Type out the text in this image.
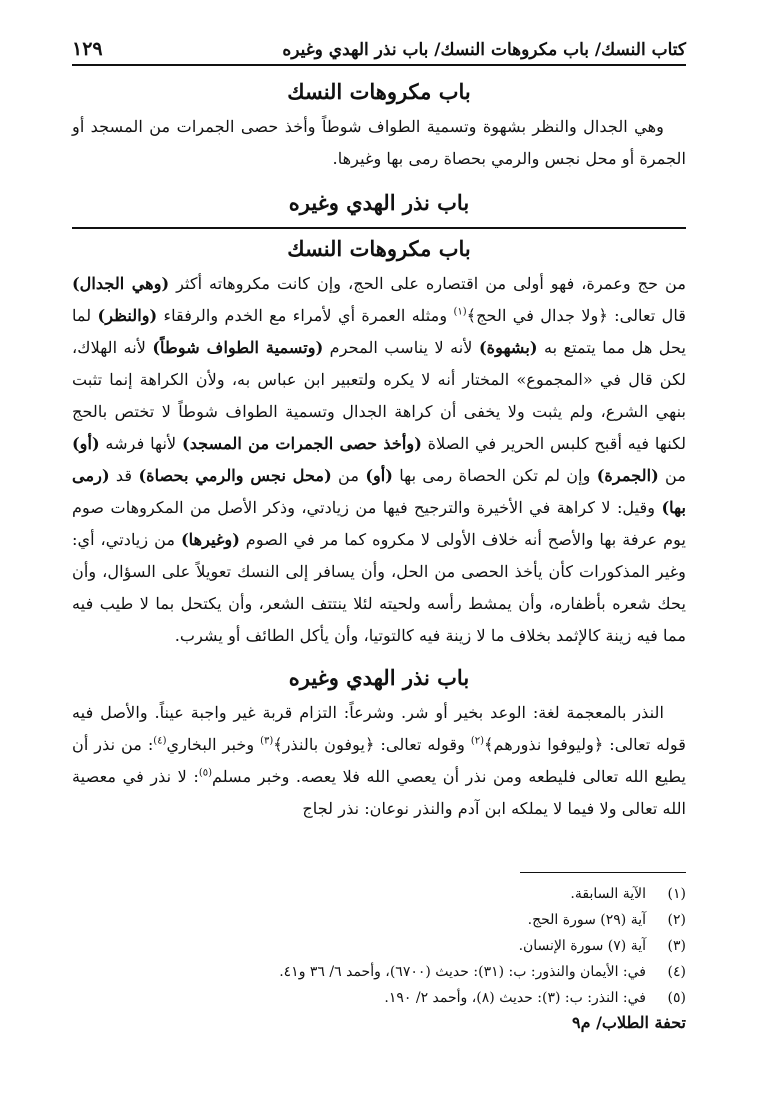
كتاب النسك/ باب مكروهات النسك/ باب نذر الهدي وغيره
١٢٩
باب مكروهات النسك

وهي الجدال والنظر بشهوة وتسمية الطواف شوطاً وأخذ حصى الجمرات من المسجد أو الجمرة أو محل نجس والرمي بحصاة رمى بها وغيرها.

باب نذر الهدي وغيره
باب مكروهات النسك

من حج وعمرة، فهو أولى من اقتصاره على الحج، وإن كانت مكروهاته أكثر (وهي الجدال) قال تعالى: ﴿ولا جدال في الحج﴾$^{(١)}$ ومثله العمرة أي لأمراء مع الخدم والرفقاء (والنظر) لما يحل هل مما يتمتع به (بشهوة) لأنه لا يناسب المحرم (وتسمية الطواف شوطاً) لأنه الهلاك، لكن قال في «المجموع» المختار أنه لا يكره ولتعبير ابن عباس به، ولأن الكراهة إنما تثبت بنهي الشرع، ولم يثبت ولا يخفى أن كراهة الجدال وتسمية الطواف شوطاً لا تختص بالحج لكنها فيه أقبح كلبس الحرير في الصلاة (وأخذ حصى الجمرات من المسجد) لأنها فرشه (أو) من (الجمرة) وإن لم تكن الحصاة رمى بها (أو) من (محل نجس والرمي بحصاة) قد (رمى بها) وقيل: لا كراهة في الأخيرة والترجيح فيها من زيادتي، وذكر الأصل من المكروهات صوم يوم عرفة بها والأصح أنه خلاف الأولى لا مكروه كما مر في الصوم (وغيرها) من زيادتي، أي: وغير المذكورات كأن يأخذ الحصى من الحل، وأن يسافر إلى النسك تعويلاً على السؤال، وأن يحك شعره بأظفاره، وأن يمشط رأسه ولحيته لئلا ينتتف الشعر، وأن يكتحل بما لا طيب فيه مما فيه زينة كالإثمد بخلاف ما لا زينة فيه كالتوتيا، وأن يأكل الطائف أو يشرب.

باب نذر الهدي وغيره

النذر بالمعجمة لغة: الوعد بخير أو شر. وشرعاً: التزام قربة غير واجبة عيناً. والأصل فيه قوله تعالى: ﴿وليوفوا نذورهم﴾$^{(٢)}$ وقوله تعالى: ﴿يوفون بالنذر﴾$^{(٣)}$ وخبر البخاري$^{(٤)}$: من نذر أن يطيع الله تعالى فليطعه ومن نذر أن يعصي الله فلا يعصه. وخبر مسلم$^{(٥)}$: لا نذر في معصية الله تعالى ولا فيما لا يملكه ابن آدم والنذر نوعان: نذر لجاج

(١)
الآية السابقة.
(٢)
آية (٢٩) سورة الحج.
(٣)
آية (٧) سورة الإنسان.
(٤)
في: الأيمان والنذور: ب: (٣١): حديث (٦٧٠٠)، وأحمد ٦/ ٣٦ و٤١.
(٥)
في: النذر: ب: (٣): حديث (٨)، وأحمد ٢/ ١٩٠.
تحفة الطلاب/ م٩
